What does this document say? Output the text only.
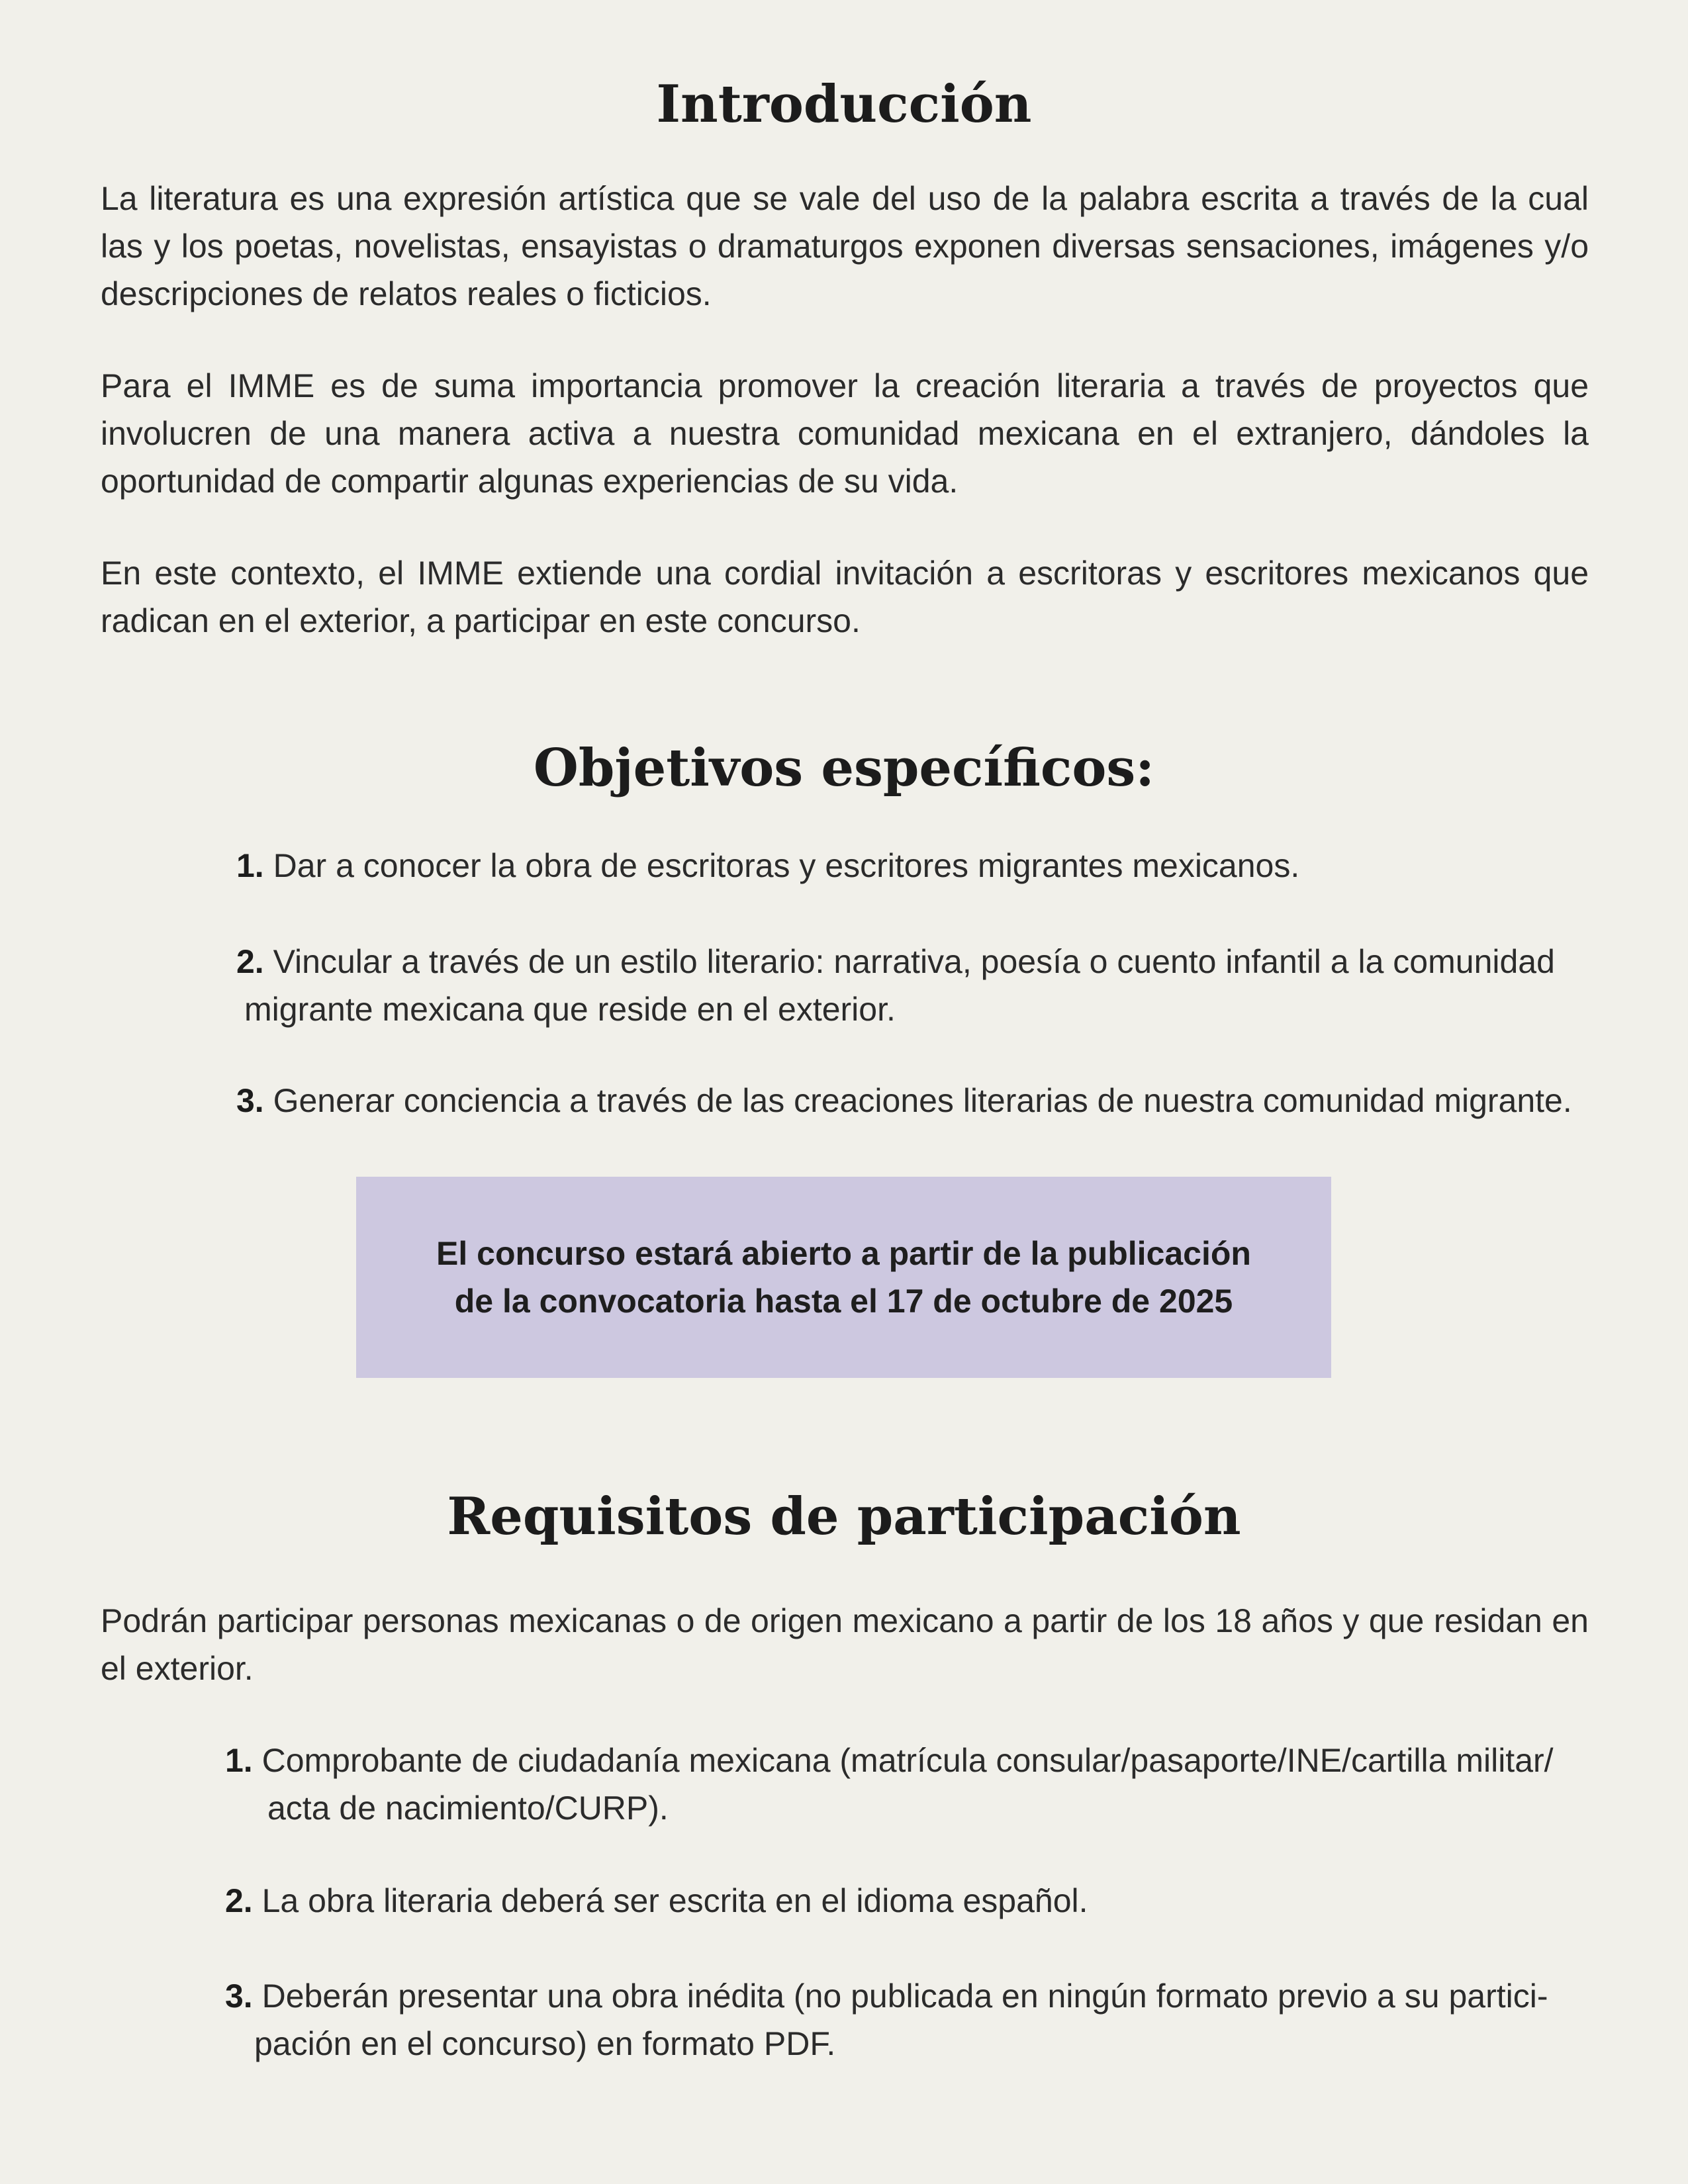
Introducción

La literatura es una expresión artística que se vale del uso de la palabra escrita a través de la cual las y los poetas, novelistas, ensayistas o dramaturgos exponen diversas sensaciones, imágenes y/o descripciones de relatos reales o ficticios.

Para el IMME es de suma importancia promover la creación literaria a través de proyectos que involucren de una manera activa a nuestra comunidad mexicana en el extranjero, dándoles la oportunidad de compartir algunas experiencias de su vida.

En este contexto, el IMME extiende una cordial invitación a escritoras y escritores mexicanos que radican en el exterior, a participar en este concurso.

Objetivos específicos:
1. Dar a conocer la obra de escritoras y escritores migrantes mexicanos.
2. Vincular a través de un estilo literario: narrativa, poesía o cuento infantil a la comunidad
migrante mexicana que reside en el exterior.
3. Generar conciencia a través de las creaciones literarias de nuestra comunidad migrante.
El concurso estará abierto a partir de la publicación
de la convocatoria hasta el 17 de octubre de 2025
Requisitos de participación

Podrán participar personas mexicanas o de origen mexicano a partir de los 18 años y que residan en el exterior.

1. Comprobante de ciudadanía mexicana (matrícula consular/pasaporte/INE/cartilla militar/
acta de nacimiento/CURP).
2. La obra literaria deberá ser escrita en el idioma español.
3. Deberán presentar una obra inédita (no publicada en ningún formato previo a su partici-
pación en el concurso) en formato PDF.
